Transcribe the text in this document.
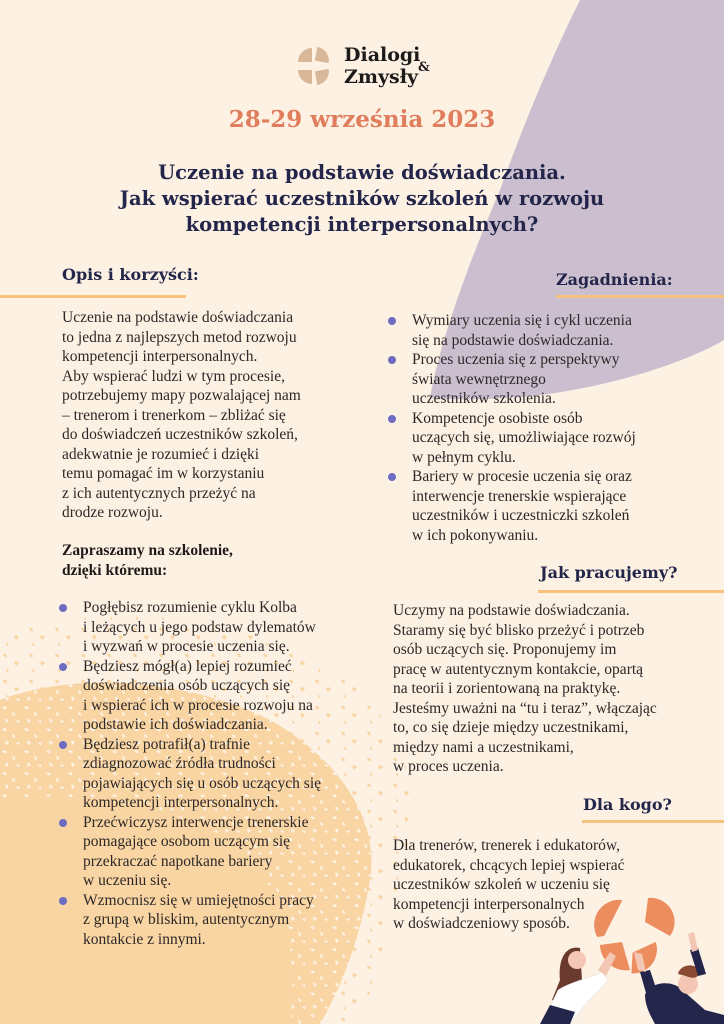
Dialogi
&
Zmysły
28-29 września 2023
Uczenie na podstawie doświadczania.
Jak wspierać uczestników szkoleń w rozwoju
kompetencji interpersonalnych?
Opis i korzyści:
Uczenie na podstawie doświadczania
to jedna z najlepszych metod rozwoju
kompetencji interpersonalnych.
Aby wspierać ludzi w tym procesie,
potrzebujemy mapy pozwalającej nam
– trenerom i trenerkom – zbliżać się
do doświadczeń uczestników szkoleń,
adekwatnie je rozumieć i dzięki
temu pomagać im w korzystaniu
z ich autentycznych przeżyć na
drodze rozwoju.
Zapraszamy na szkolenie,
dzięki któremu:
Pogłębisz rozumienie cyklu Kolba
i leżących u jego podstaw dylematów
i wyzwań w procesie uczenia się.
Będziesz mógł(a) lepiej rozumieć
doświadczenia osób uczących się
i wspierać ich w procesie rozwoju na
podstawie ich doświadczania.
Będziesz potrafił(a) trafnie
zdiagnozować źródła trudności
pojawiających się u osób uczących się
kompetencji interpersonalnych.
Przećwiczysz interwencje trenerskie
pomagające osobom uczącym się
przekraczać napotkane bariery
w uczeniu się.
Wzmocnisz się w umiejętności pracy
z grupą w bliskim, autentycznym
kontakcie z innymi.
Zagadnienia:
Wymiary uczenia się i cykl uczenia
się na podstawie doświadczania.
Proces uczenia się z perspektywy
świata wewnętrznego
uczestników szkolenia.
Kompetencje osobiste osób
uczących się, umożliwiające rozwój
w pełnym cyklu.
Bariery w procesie uczenia się oraz
interwencje trenerskie wspierające
uczestników i uczestniczki szkoleń
w ich pokonywaniu.
Jak pracujemy?
Uczymy na podstawie doświadczania.
Staramy się być blisko przeżyć i potrzeb
osób uczących się. Proponujemy im
pracę w autentycznym kontakcie, opartą
na teorii i zorientowaną na praktykę.
Jesteśmy uważni na “tu i teraz”, włączając
to, co się dzieje między uczestnikami,
między nami a uczestnikami,
w proces uczenia.
Dla kogo?
Dla trenerów, trenerek i edukatorów,
edukatorek, chcących lepiej wspierać
uczestników szkoleń w uczeniu się
kompetencji interpersonalnych
w doświadczeniowy sposób.
